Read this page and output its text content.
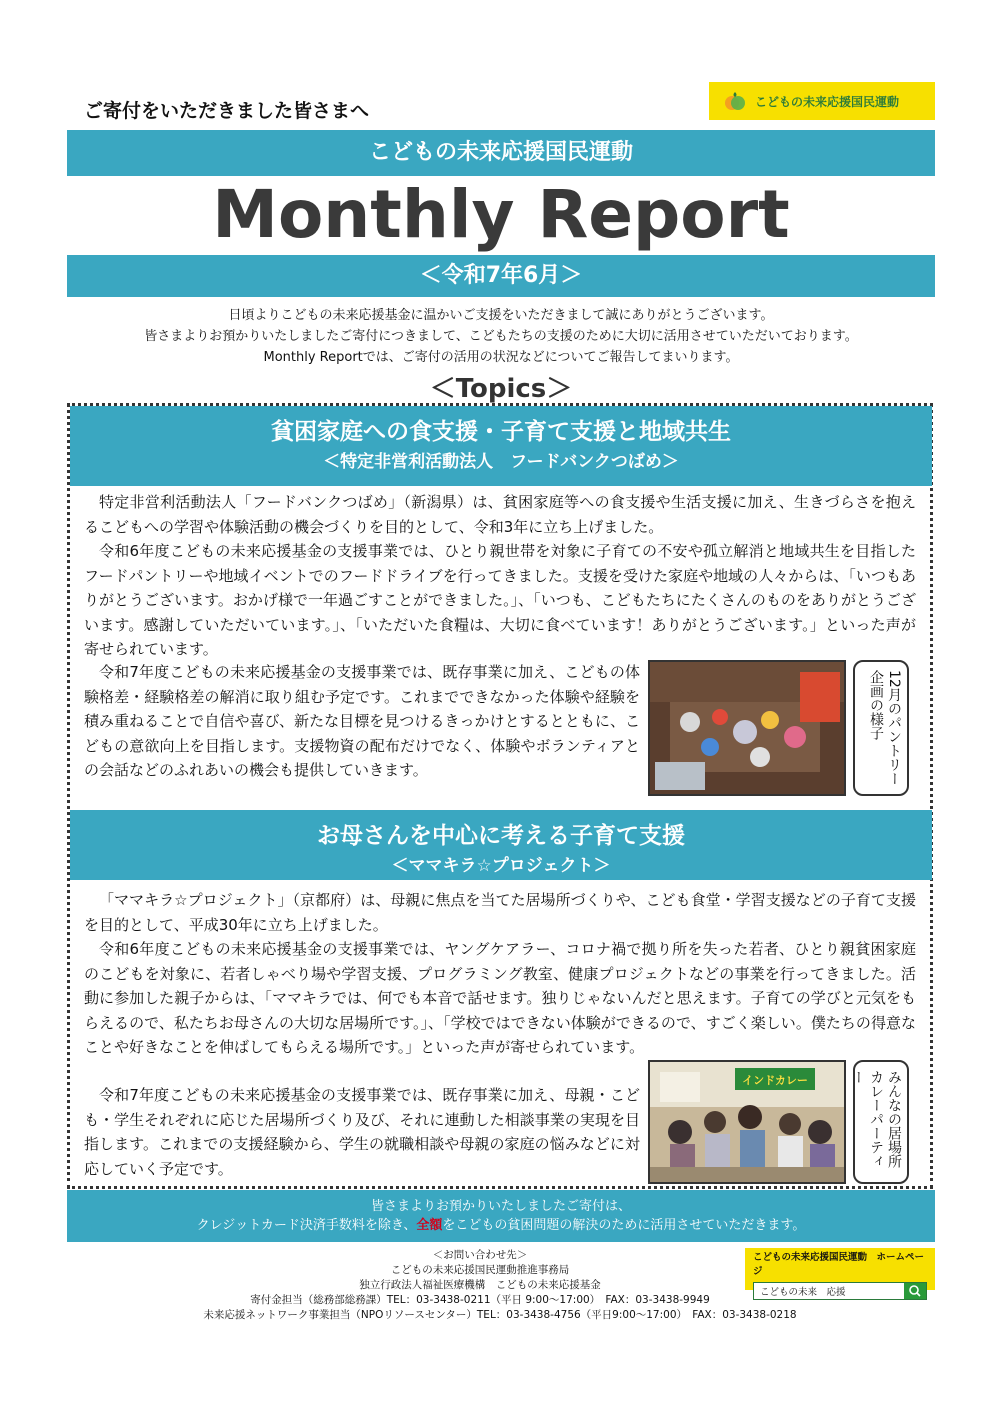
ご寄付をいただきました皆さまへ	こどもの未来応援国民運動
こどもの未来応援国民運動
Monthly Report
＜令和7年6月＞
日頃よりこどもの未来応援基金に温かいご支援をいただきまして誠にありがとうございます。
皆さまよりお預かりいたしましたご寄付につきまして、こどもたちの支援のために大切に活用させていただいております。
Monthly Reportでは、ご寄付の活用の状況などについてご報告してまいります。
＜Topics＞
貧困家庭への食支援・子育て支援と地域共生
＜特定非営利活動法人　フードバンクつばめ＞
特定非営利活動法人「フードバンクつばめ」（新潟県）は、貧困家庭等への食支援や生活支援に加え、生きづらさを抱えるこどもへの学習や体験活動の機会づくりを目的として、令和3年に立ち上げました。
令和6年度こどもの未来応援基金の支援事業では、ひとり親世帯を対象に子育ての不安や孤立解消と地域共生を目指したフードパントリーや地域イベントでのフードドライブを行ってきました。支援を受けた家庭や地域の人々からは、「いつもありがとうございます。おかげ様で一年過ごすことができました。」、「いつも、こどもたちにたくさんのものをありがとうございます。感謝していただいています。」、「いただいた食糧は、大切に食べています！ありがとうございます。」といった声が寄せられています。
令和7年度こどもの未来応援基金の支援事業では、既存事業に加え、こどもの体験格差・経験格差の解消に取り組む予定です。これまでできなかった体験や経験を積み重ねることで自信や喜び、新たな目標を見つけるきっかけとするとともに、こどもの意欲向上を目指します。支援物資の配布だけでなく、体験やボランティアとの会話などのふれあいの機会も提供していきます。	12月のパントリー企画の様子
お母さんを中心に考える子育て支援
＜ママキラ☆プロジェクト＞
「ママキラ☆プロジェクト」（京都府）は、母親に焦点を当てた居場所づくりや、こども食堂・学習支援などの子育て支援を目的として、平成30年に立ち上げました。
令和6年度こどもの未来応援基金の支援事業では、ヤングケアラー、コロナ禍で拠り所を失った若者、ひとり親貧困家庭のこどもを対象に、若者しゃべり場や学習支援、プログラミング教室、健康プロジェクトなどの事業を行ってきました。活動に参加した親子からは、「ママキラでは、何でも本音で話せます。独りじゃないんだと思えます。子育ての学びと元気をもらえるので、私たちお母さんの大切な居場所です。」、「学校ではできない体験ができるので、すごく楽しい。僕たちの得意なことや好きなことを伸ばしてもらえる場所です。」といった声が寄せられています。
令和7年度こどもの未来応援基金の支援事業では、既存事業に加え、母親・こども・学生それぞれに応じた居場所づくり及び、それに連動した相談事業の実現を目指します。これまでの支援経験から、学生の就職相談や母親の家庭の悩みなどに対応していく予定です。
インドカレー	みんなの居場所カレーパーティー
皆さまよりお預かりいたしましたご寄付は、
クレジットカード決済手数料を除き、全額をこどもの貧困問題の解決のために活用させていただきます。
＜お問い合わせ先＞
こどもの未来応援国民運動推進事務局
独立行政法人福祉医療機構　こどもの未来応援基金
寄付金担当（総務部総務課）TEL：03-3438-0211（平日 9:00～17:00）　FAX：03-3438-9949
未来応援ネットワーク事業担当（NPOリソースセンター）TEL：03-3438-4756（平日9:00～17:00）　FAX：03-3438-0218
こどもの未来応援国民運動　ホームページ
こどもの未来　応援
